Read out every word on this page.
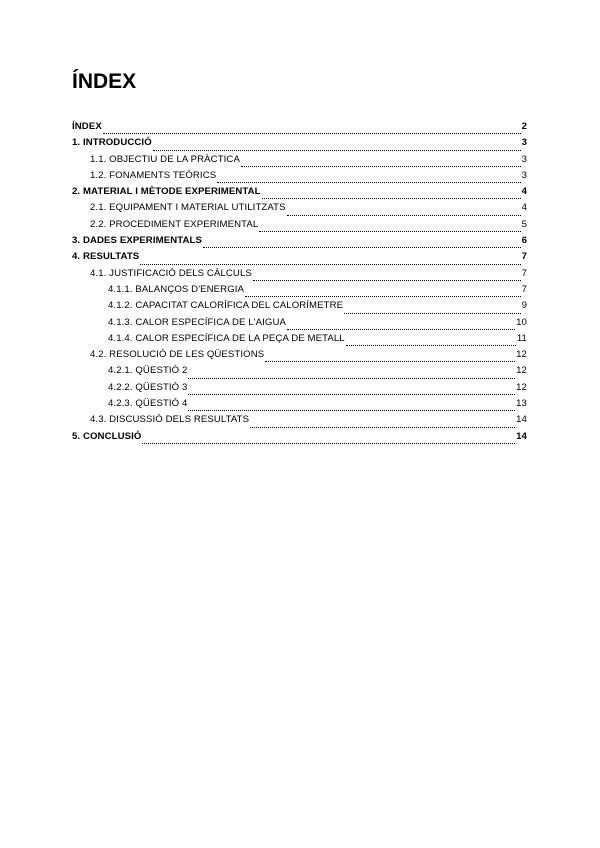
ÍNDEX
ÍNDEX	2
1. INTRODUCCIÓ	3
1.1. OBJECTIU DE LA PRÀCTICA	3
1.2. FONAMENTS TEÒRICS	3
2. MATERIAL I MÈTODE EXPERIMENTAL	4
2.1. EQUIPAMENT I MATERIAL UTILITZATS	4
2.2. PROCEDIMENT EXPERIMENTAL	5
3. DADES EXPERIMENTALS	6
4. RESULTATS	7
4.1. JUSTIFICACIÓ DELS CÀLCULS	7
4.1.1. BALANÇOS D'ENERGIA	7
4.1.2. CAPACITAT CALORÍFICA DEL CALORÍMETRE	9
4.1.3. CALOR ESPECÍFICA DE L'AIGUA	10
4.1.4. CALOR ESPECÍFICA DE LA PEÇA DE METALL	11
4.2. RESOLUCIÓ DE LES QÜESTIONS	12
4.2.1. QÜESTIÓ 2	12
4.2.2. QÜESTIÓ 3	12
4.2.3. QÜESTIÓ 4	13
4.3. DISCUSSIÓ DELS RESULTATS	14
5. CONCLUSIÓ	14
